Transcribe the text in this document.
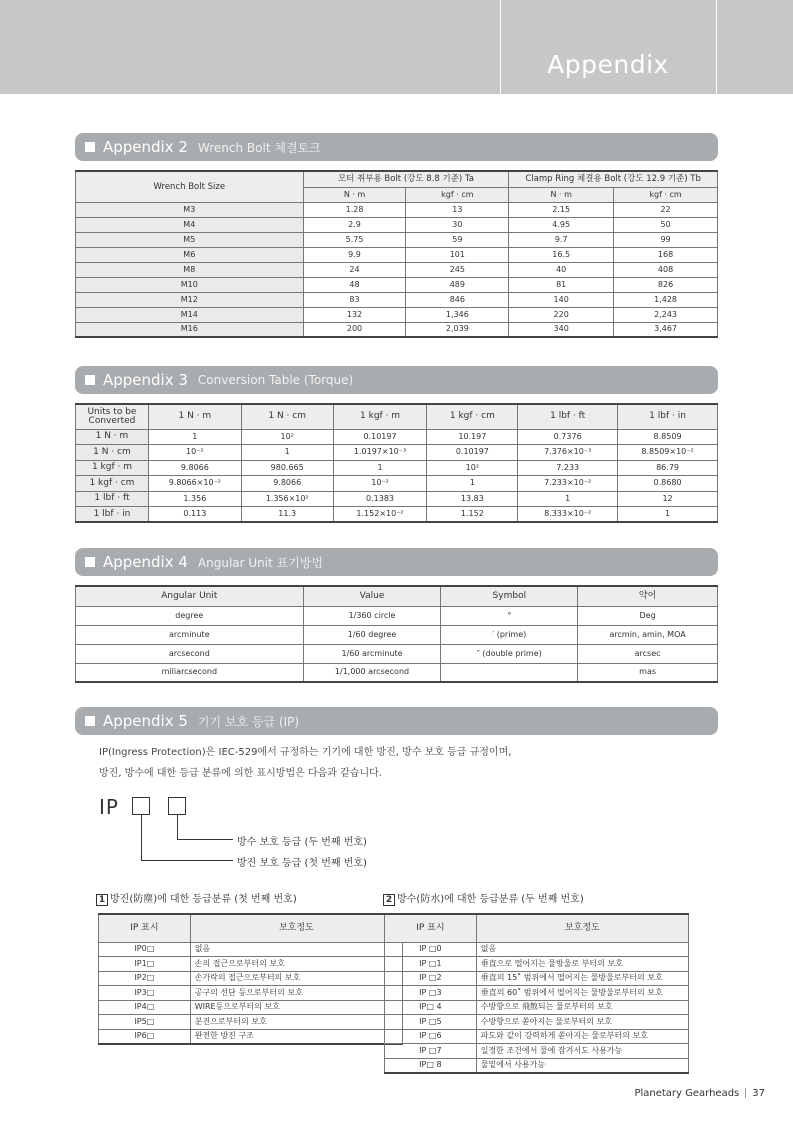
Appendix
Appendix 2 Wrench Bolt 체결토크
Wrench Bolt Size	모터 취부용 Bolt (강도 8.8 기준) Ta		Clamp Ring 체결용 Bolt (강도 12.9 기준) Tb	
	N · m	kgf · cm	N · m	kgf · cm
M3	1.28	13	2.15	22
M4	2.9	30	4.95	50
M5	5.75	59	9.7	99
M6	9.9	101	16.5	168
M8	24	245	40	408
M10	48	489	81	826
M12	83	846	140	1,428
M14	132	1,346	220	2,243
M16	200	2,039	340	3,467
Appendix 3 Conversion Table (Torque)
Units to be
Converted	1 N · m	1 N · cm	1 kgf · m	1 kgf · cm	1 lbf · ft	1 lbf · in
1 N · m	1	10²	0.10197	10.197	0.7376	8.8509
1 N · cm	10⁻²	1	1.0197×10⁻³	0.10197	7.376×10⁻³	8.8509×10⁻²
1 kgf · m	9.8066	980.665	1	10²	7.233	86.79
1 kgf · cm	9.8066×10⁻²	9.8066	10⁻²	1	7.233×10⁻²	0.8680
1 lbf · ft	1.356	1.356×10²	0.1383	13.83	1	12
1 lbf · in	0.113	11.3	1.152×10⁻²	1.152	8.333×10⁻²	1
Appendix 4 Angular Unit 표기방법
Angular Unit	Value	Symbol	약어
degree	1/360 circle	°	Deg
arcminute	1/60 degree	′ (prime)	arcmin, amin, MOA
arcsecond	1/60 arcminute	″ (double prime)	arcsec
miliarcsecond	1/1,000 arcsecond		mas
Appendix 5 기기 보호 등급 (IP)
IP(Ingress Protection)은 IEC-529에서 규정하는 기기에 대한 방진, 방수 보호 등급 규정이며,
방진, 방수에 대한 등급 분류에 의한 표시방법은 다음과 같습니다.
IP
방수 보호 등급 (두 번째 번호)
방진 보호 등급 (첫 번째 번호)
1 방진(防塵)에 대한 등급분류 (첫 번째 번호)	2 방수(防水)에 대한 등급분류 (두 번째 번호)
IP 표시	보호정도
IP0□	없음
IP1□	손의 접근으로부터의 보호
IP2□	손가락의 접근으로부터의 보호
IP3□	공구의 선단 등으로부터의 보호
IP4□	WIRE등으로부터의 보호
IP5□	분진으로부터의 보호
IP6□	완전한 방진 구조
IP 표시	보호정도
IP □0	없음
IP □1	垂直으로 떨어지는 물방울로 부터의 보호
IP □2	垂直의 15˚ 범위에서 떨어지는 물방울로부터의 보호
IP □3	垂直의 60˚ 범위에서 떨어지는 물방울로부터의 보호
IP□ 4	수방향으로 飛散되는 물로부터의 보호
IP □5	수방향으로 쏟아지는 물로부터의 보호
IP □6	파도와 같이 강력하게 쏟아지는 물로부터의 보호
IP □7	일정한 조건에서 물에 잠겨서도 사용가능
IP□ 8	물밑에서 사용가능
Planetary Gearheads 37
